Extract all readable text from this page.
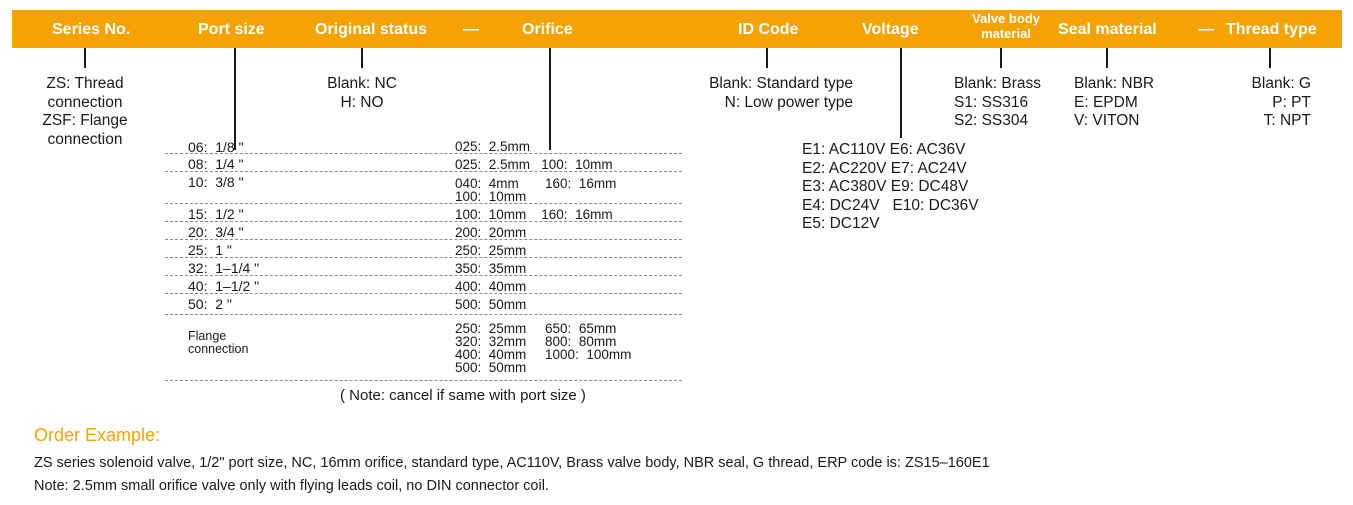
Series No.	Port size	Original status —	Orifice	ID Code	Voltage
Valve body
material	Seal material	— Thread type
ZS: Thread
connection
ZSF: Flange
connection
Blank: NC
H: NO
Blank: Standard type
N: Low power type
E1: AC110V E6: AC36V
E2: AC220V E7: AC24V
E3: AC380V E9: DC48V
E4: DC24V   E10: DC36V
E5: DC12V
Blank: Brass
S1: SS316
S2: SS304
Blank: NBR
E: EPDM
V: VITON
Blank: G
P: PT
T: NPT
06:  1/8 "	025:  2.5mm
08:  1/4 "	025:  2.5mm   100:  10mm
10:  3/8 "	040:  4mm       160:  16mm
100:  10mm
15:  1/2 "	100:  10mm    160:  16mm
20:  3/4 "	200:  20mm
25:  1 "	250:  25mm
32:  1–1/4 "	350:  35mm
40:  1–1/2 "	400:  40mm
50:  2 "	500:  50mm
Flange
connection
250:  25mm     650:  65mm
320:  32mm     800:  80mm
400:  40mm     1000:  100mm
500:  50mm
( Note: cancel if same with port size )
Order Example:
ZS series solenoid valve, 1/2" port size, NC, 16mm orifice, standard type, AC110V, Brass valve body, NBR seal, G thread, ERP code is: ZS15–160E1
Note: 2.5mm small orifice valve only with flying leads coil, no DIN connector coil.
